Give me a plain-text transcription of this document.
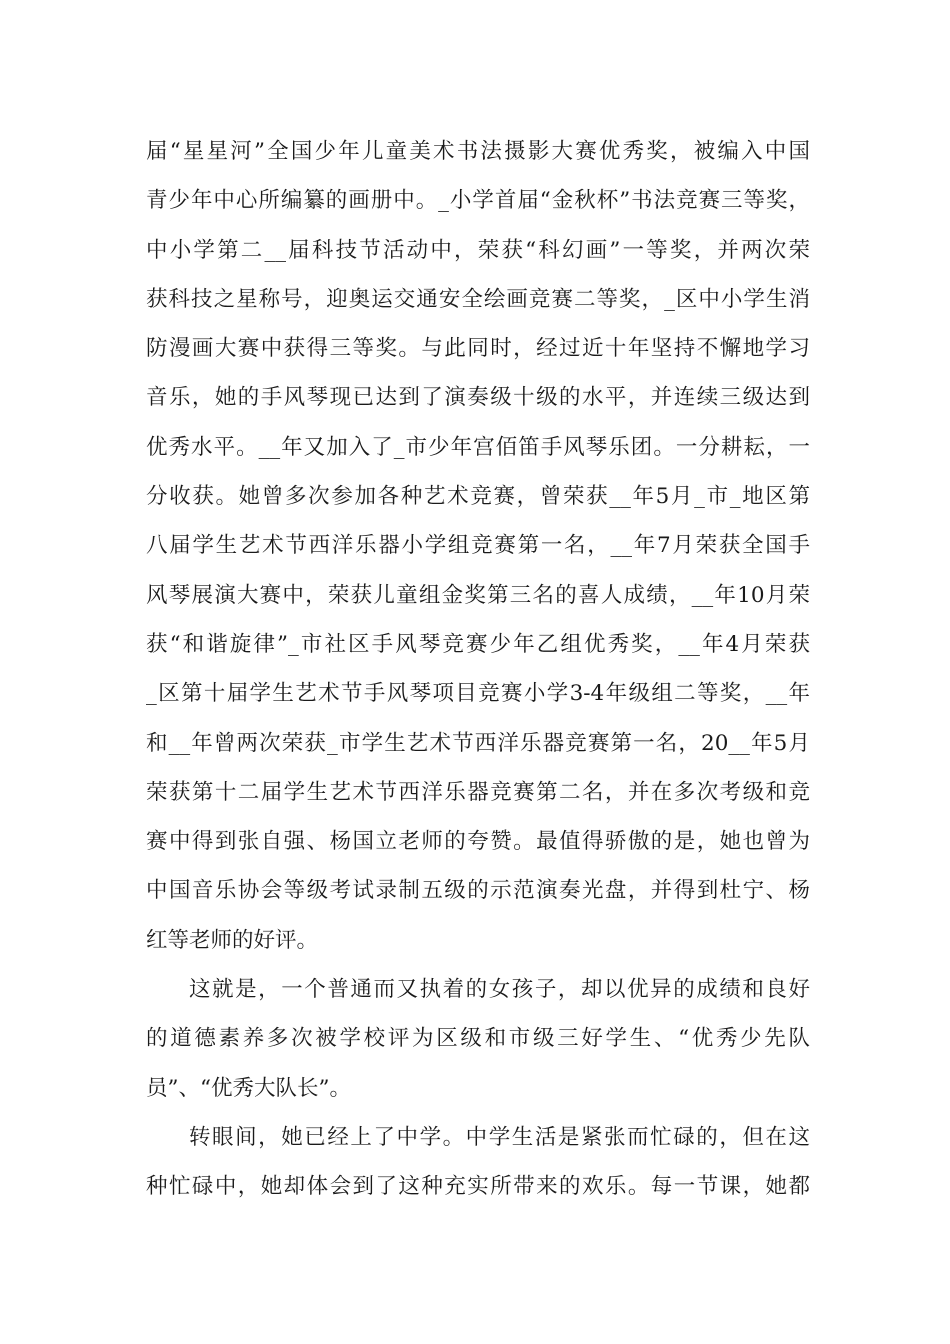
届“星星河”全国少年儿童美术书法摄影大赛优秀奖，被编入中国
青少年中心所编纂的画册中。_小学首届“金秋杯”书法竞赛三等奖，
中小学第二__届科技节活动中，荣获“科幻画”一等奖，并两次荣
获科技之星称号，迎奥运交通安全绘画竞赛二等奖，_区中小学生消
防漫画大赛中获得三等奖。与此同时，经过近十年坚持不懈地学习
音乐，她的手风琴现已达到了演奏级十级的水平，并连续三级达到
优秀水平。__年又加入了_市少年宫佰笛手风琴乐团。一分耕耘，一
分收获。她曾多次参加各种艺术竞赛，曾荣获__年5月_市_地区第
八届学生艺术节西洋乐器小学组竞赛第一名，__年7月荣获全国手
风琴展演大赛中，荣获儿童组金奖第三名的喜人成绩，__年10月荣
获“和谐旋律”_市社区手风琴竞赛少年乙组优秀奖，__年4月荣获
_区第十届学生艺术节手风琴项目竞赛小学3-4年级组二等奖，__年
和__年曾两次荣获_市学生艺术节西洋乐器竞赛第一名，20__年5月
荣获第十二届学生艺术节西洋乐器竞赛第二名，并在多次考级和竞
赛中得到张自强、杨国立老师的夸赞。最值得骄傲的是，她也曾为
中国音乐协会等级考试录制五级的示范演奏光盘，并得到杜宁、杨
红等老师的好评。
这就是，一个普通而又执着的女孩子，却以优异的成绩和良好
的道德素养多次被学校评为区级和市级三好学生、“优秀少先队
员”、“优秀大队长”。
转眼间，她已经上了中学。中学生活是紧张而忙碌的，但在这
种忙碌中，她却体会到了这种充实所带来的欢乐。每一节课，她都
